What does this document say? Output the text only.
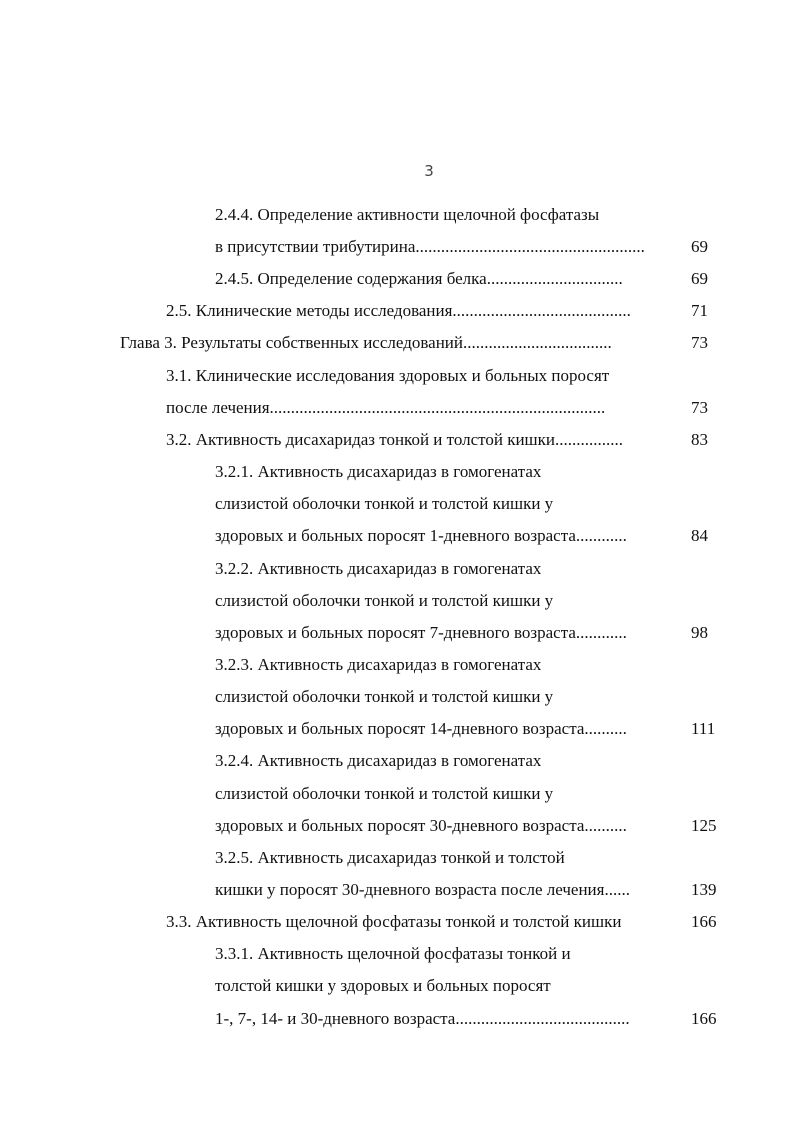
3
2.4.4. Определение активности щелочной фосфатазы
в присутствии трибутирина......................................................	69
2.4.5. Определение содержания белка................................	69
2.5. Клинические методы исследования..........................................	71
Глава 3. Результаты собственных исследований...................................	73
3.1. Клинические исследования здоровых и больных поросят
после лечения...............................................................................	73
3.2. Активность дисахаридаз тонкой и толстой кишки................	83
3.2.1. Активность дисахаридаз в гомогенатах
слизистой оболочки тонкой и толстой кишки у
здоровых и больных поросят 1-дневного возраста............	84
3.2.2. Активность дисахаридаз в гомогенатах
слизистой оболочки тонкой и толстой кишки у
здоровых и больных поросят 7-дневного возраста............	98
3.2.3. Активность дисахаридаз в гомогенатах
слизистой оболочки тонкой и толстой кишки у
здоровых и больных поросят 14-дневного возраста..........	111
3.2.4. Активность дисахаридаз в гомогенатах
слизистой оболочки тонкой и толстой кишки у
здоровых и больных поросят 30-дневного возраста..........	125
3.2.5. Активность дисахаридаз тонкой и толстой
кишки у поросят 30-дневного возраста после лечения......	139
3.3. Активность щелочной фосфатазы тонкой и толстой кишки	166
3.3.1. Активность щелочной фосфатазы тонкой и
толстой кишки у здоровых и больных поросят
1-, 7-, 14- и 30-дневного возраста.........................................	166
